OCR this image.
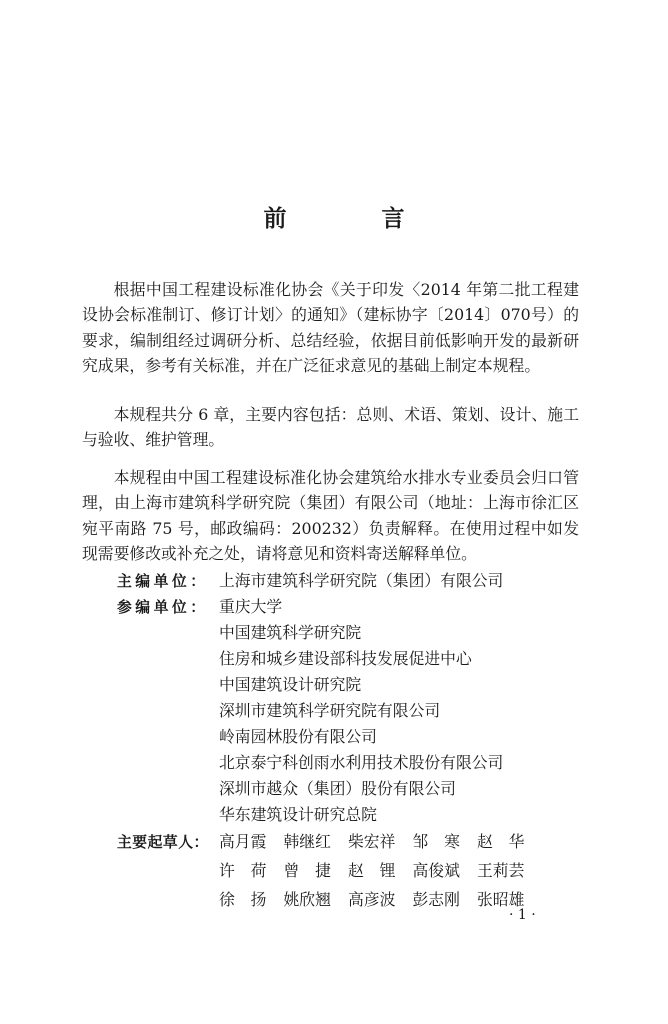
前　言

根据中国工程建设标准化协会《关于印发〈2014 年第二批工程建设协会标准制订、修订计划〉的通知》（建标协字〔2014〕070号）的要求，编制组经过调研分析、总结经验，依据目前低影响开发的最新研究成果，参考有关标准，并在广泛征求意见的基础上制定本规程。

本规程共分 6 章，主要内容包括：总则、术语、策划、设计、施工与验收、维护管理。

本规程由中国工程建设标准化协会建筑给水排水专业委员会归口管理，由上海市建筑科学研究院（集团）有限公司（地址：上海市徐汇区宛平南路 75 号，邮政编码：200232）负责解释。在使用过程中如发现需要修改或补充之处，请将意见和资料寄送解释单位。

主编单位： 上海市建筑科学研究院（集团）有限公司
参编单位： 重庆大学
中国建筑科学研究院
住房和城乡建设部科技发展促进中心
中国建筑设计研究院
深圳市建筑科学研究院有限公司
岭南园林股份有限公司
北京泰宁科创雨水利用技术股份有限公司
深圳市越众（集团）股份有限公司
华东建筑设计研究总院
主要起草人： 高月霞	韩继红	柴宏祥	邹　寒	赵　华
许　荷	曾　捷	赵　锂	高俊斌	王莉芸
徐　扬	姚欣翘	高彦波	彭志刚	张昭雄
· 1 ·
